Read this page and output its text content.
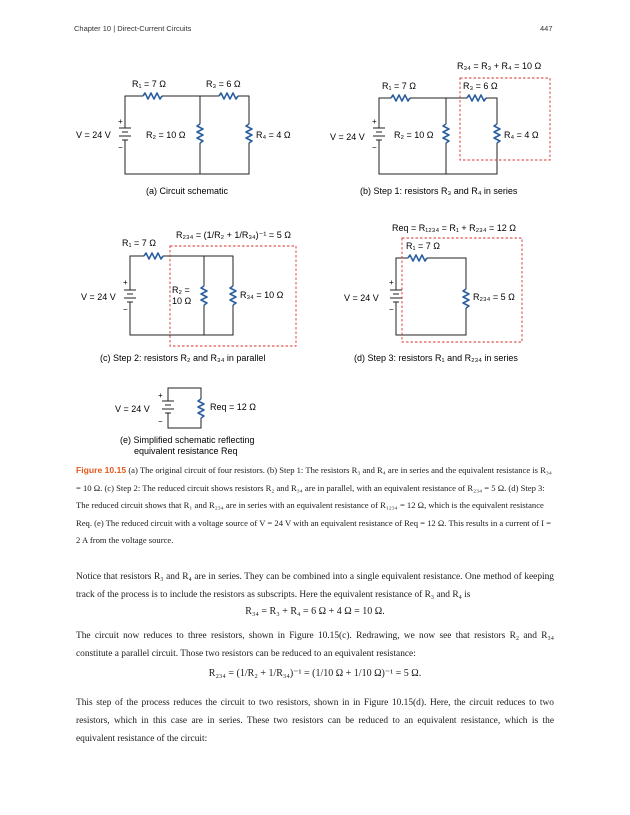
Chapter 10 | Direct-Current Circuits	447
R₁ = 7 Ω	R₃ = 6 Ω
V = 24 V	R₂ = 10 Ω	R₄ = 4 Ω
+
−
(a) Circuit schematic
R₃₄ = R₃ + R₄ = 10 Ω
R₁ = 7 Ω	R₃ = 6 Ω
V = 24 V	R₂ = 10 Ω	R₄ = 4 Ω
+
−
(b) Step 1: resistors R₃ and R₄ in series
R₂₃₄ = (1/R₂ + 1/R₃₄)⁻¹ = 5 Ω
R₁ = 7 Ω
V = 24 V
R₂ =
10 Ω
R₃₄ = 10 Ω
+
−
(c) Step 2: resistors R₂ and R₃₄ in parallel
Req = R₁₂₃₄ = R₁ + R₂₃₄ = 12 Ω
R₁ = 7 Ω
V = 24 V	R₂₃₄ = 5 Ω
+
−
(d) Step 3: resistors R₁ and R₂₃₄ in series
V = 24 V	Req = 12 Ω
+
−
(e) Simplified schematic reflecting
equivalent resistance Req
Figure 10.15 (a) The original circuit of four resistors. (b) Step 1: The resistors R₃ and R₄ are in series and the equivalent resistance is R₃₄ = 10 Ω. (c) Step 2: The reduced circuit shows resistors R₂ and R₃₄ are in parallel, with an equivalent resistance of R₂₃₄ = 5 Ω. (d) Step 3: The reduced circuit shows that R₁ and R₂₃₄ are in series with an equivalent resistance of R₁₂₃₄ = 12 Ω, which is the equivalent resistance Req. (e) The reduced circuit with a voltage source of V = 24 V with an equivalent resistance of Req = 12 Ω. This results in a current of I = 2 A from the voltage source.
Notice that resistors R₃ and R₄ are in series. They can be combined into a single equivalent resistance. One method of keeping track of the process is to include the resistors as subscripts. Here the equivalent resistance of R₃ and R₄ is
R₃₄ = R₃ + R₄ = 6 Ω + 4 Ω = 10 Ω.
The circuit now reduces to three resistors, shown in Figure 10.15(c). Redrawing, we now see that resistors R₂ and R₃₄ constitute a parallel circuit. Those two resistors can be reduced to an equivalent resistance:
R₂₃₄ = (1/R₂ + 1/R₃₄)⁻¹ = (1/10 Ω + 1/10 Ω)⁻¹ = 5 Ω.
This step of the process reduces the circuit to two resistors, shown in in Figure 10.15(d). Here, the circuit reduces to two resistors, which in this case are in series. These two resistors can be reduced to an equivalent resistance, which is the equivalent resistance of the circuit:
